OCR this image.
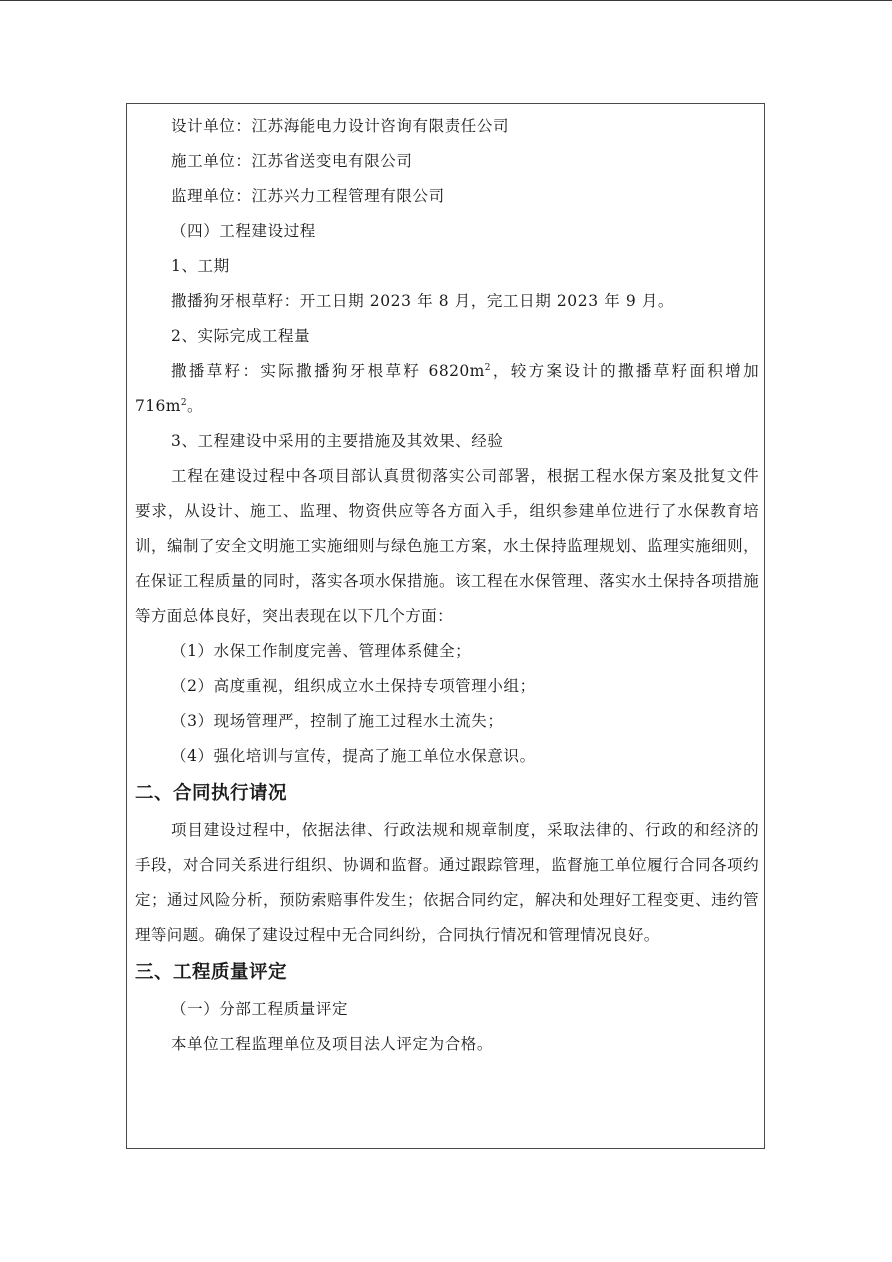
设计单位：江苏海能电力设计咨询有限责任公司
施工单位：江苏省送变电有限公司
监理单位：江苏兴力工程管理有限公司
（四）工程建设过程
1、工期
撒播狗牙根草籽：开工日期 2023 年 8 月，完工日期 2023 年 9 月。
2、实际完成工程量
撒播草籽：实际撒播狗牙根草籽 $6820m^2$，较方案设计的撒播草籽面积增加 $716m^2$。
3、工程建设中采用的主要措施及其效果、经验
工程在建设过程中各项目部认真贯彻落实公司部署，根据工程水保方案及批复文件要求，从设计、施工、监理、物资供应等各方面入手，组织参建单位进行了水保教育培训，编制了安全文明施工实施细则与绿色施工方案，水土保持监理规划、监理实施细则，在保证工程质量的同时，落实各项水保措施。该工程在水保管理、落实水土保持各项措施等方面总体良好，突出表现在以下几个方面：
（1）水保工作制度完善、管理体系健全；
（2）高度重视，组织成立水土保持专项管理小组；
（3）现场管理严，控制了施工过程水土流失；
（4）强化培训与宣传，提高了施工单位水保意识。
二、合同执行请况
项目建设过程中，依据法律、行政法规和规章制度，采取法律的、行政的和经济的手段，对合同关系进行组织、协调和监督。通过跟踪管理，监督施工单位履行合同各项约定；通过风险分析，预防索赔事件发生；依据合同约定，解决和处理好工程变更、违约管理等问题。确保了建设过程中无合同纠纷，合同执行情况和管理情况良好。
三、工程质量评定
（一）分部工程质量评定
本单位工程监理单位及项目法人评定为合格。
